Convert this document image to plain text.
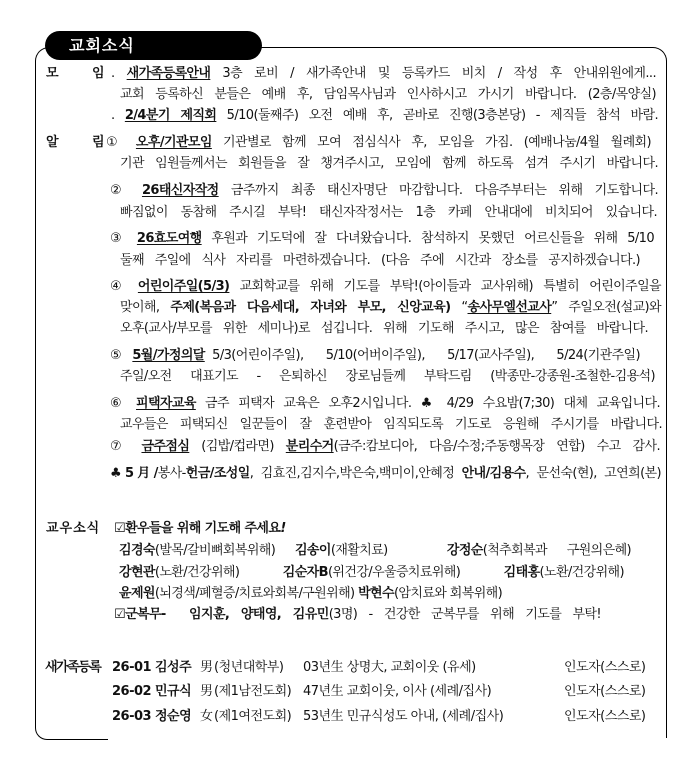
교회소식
모	임 . 새가족등록안내 3층 로비 / 새가족안내 및 등록카드 비치 / 작성 후 안내위원에게...
교회 등록하신 분들은 예배 후, 담임목사님과 인사하시고 가시기 바랍니다. (2층/목양실)
. 2/4분기 제직회 5/10(둘째주) 오전 예배 후, 곧바로 진행(3층본당) - 제직들 참석 바람.
알	림 ① 오후/기관모임 기관별로 함께 모여 점심식사 후, 모임을 가짐. (예배나눔/4월 월례회)
기관 임원들께서는 회원들을 잘 챙겨주시고, 모임에 함께 하도록 섬겨 주시기 바랍니다.
② 26태신자작정 금주까지 최종 태신자명단 마감합니다. 다음주부터는 위해 기도합니다.
빠짐없이 동참해 주시길 부탁! 태신자작정서는 1층 카페 안내대에 비치되어 있습니다.
③ 26효도여행 후원과 기도덕에 잘 다녀왔습니다. 참석하지 못했던 어르신들을 위해 5/10
둘째 주일에 식사 자리를 마련하겠습니다. (다음 주에 시간과 장소를 공지하겠습니다.)
④ 어린이주일(5/3) 교회학교를 위해 기도를 부탁!(아이들과 교사위해) 특별히 어린이주일을
맞이해, 주제(복음과 다음세대, 자녀와 부모, 신앙교육) “송사무엘선교사” 주일오전(설교)와
오후(교사/부모를 위한 세미나)로 섬깁니다. 위해 기도해 주시고, 많은 참여를 바랍니다.
⑤ 5월/가정의달 5/3(어린이주일),   5/10(어버이주일),   5/17(교사주일),   5/24(기관주일)
주일/오전 대표기도 - 은퇴하신 장로님들께 부탁드림 (박종만-강종원-조철한-김용석)
⑥ 피택자교육 금주 피택자 교육은 오후2시입니다. ♣ 4/29 수요밤(7;30) 대체 교육입니다.
교우들은 피택되신 일꾼들이 잘 훈련받아 임직되도록 기도로 응원해 주시기를 바랍니다.
⑦ 금주점심 (김밥/컵라면) 분리수거(금주:캄보디아, 다음/수정;주동행목장 연합) 수고 감사.
♣5月/봉사-헌금/조성일, 김효진,김지수,박은숙,백미이,안혜정 안내/김용수, 문선숙(현), 고연희(본)
교우소식 ☑환우들을 위해 기도해 주세요!
김경숙(발목/갈비뼈회복위해) 김송이(재활치료)   강정순(척추회복과 구원의은혜)
강현관(노환/건강위해) 김순자B(위건강/우울증치료위해) 김태홍(노환/건강위해)
윤제원(뇌경색/폐혈증/치료와회복/구원위해) 박현수(암치료와 회복위해)
☑군복무-  임지훈, 양태영, 김유민(3명) - 건강한 군복무를 위해 기도를 부탁!
새가족등록 26-01 김성주 男 (청년대학부) 03년生 상명大, 교회이웃 (유세)	인도자(스스로)
26-02 민규식 男 (제1남전도회) 47년生 교회이웃, 이사 (세례/집사)	인도자(스스로)
26-03 정순영 女 (제1여전도회) 53년生 민규식성도 아내, (세례/집사)	인도자(스스로)
